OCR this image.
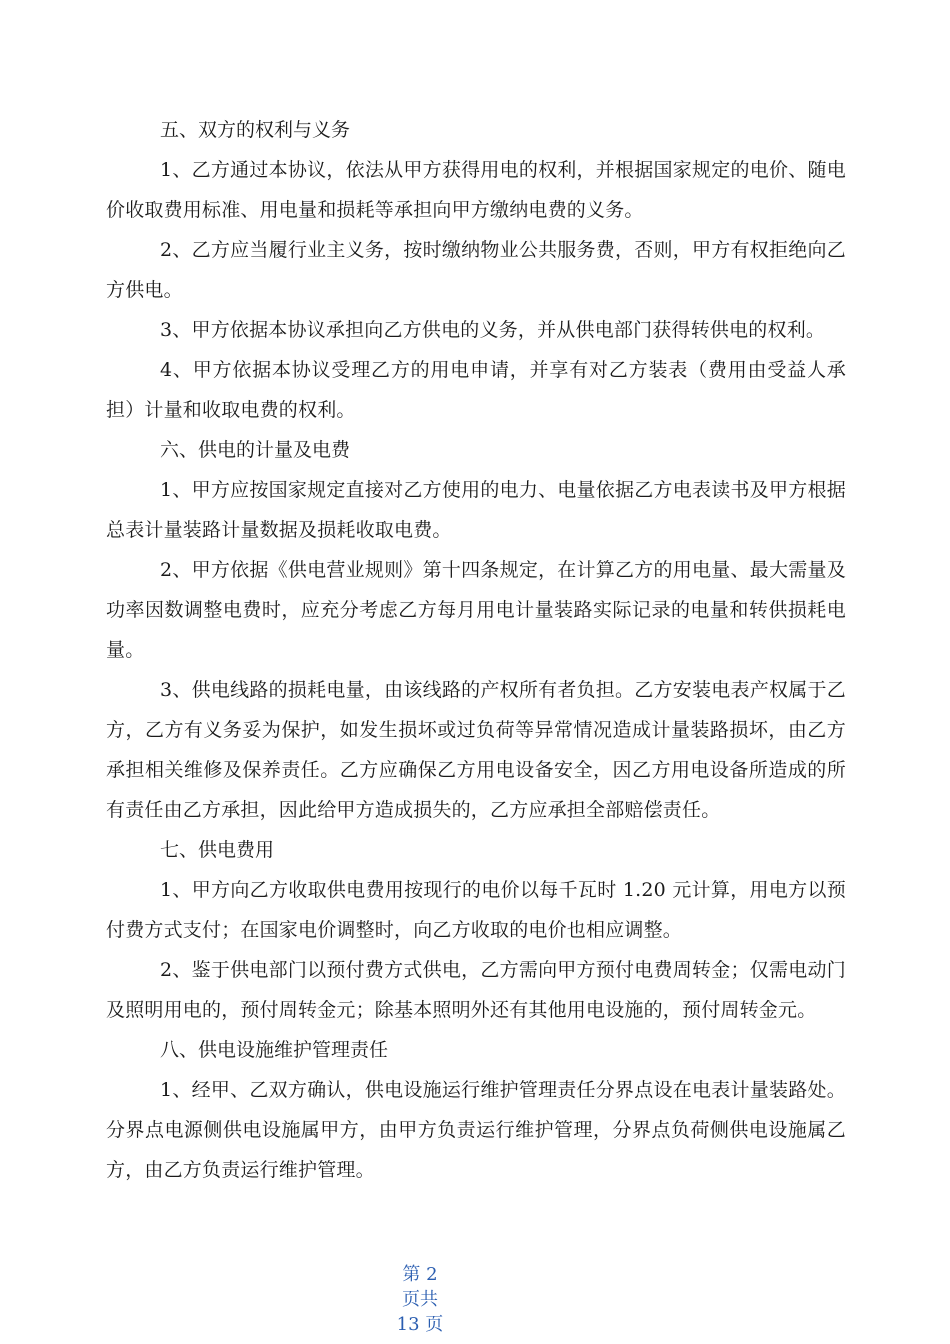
五、双方的权利与义务

1、乙方通过本协议，依法从甲方获得用电的权利，并根据国家规定的电价、随电价收取费用标准、用电量和损耗等承担向甲方缴纳电费的义务。

2、乙方应当履行业主义务，按时缴纳物业公共服务费，否则，甲方有权拒绝向乙方供电。

3、甲方依据本协议承担向乙方供电的义务，并从供电部门获得转供电的权利。

4、甲方依据本协议受理乙方的用电申请，并享有对乙方装表（费用由受益人承担）计量和收取电费的权利。

六、供电的计量及电费

1、甲方应按国家规定直接对乙方使用的电力、电量依据乙方电表读书及甲方根据总表计量装路计量数据及损耗收取电费。

2、甲方依据《供电营业规则》第十四条规定，在计算乙方的用电量、最大需量及功率因数调整电费时，应充分考虑乙方每月用电计量装路实际记录的电量和转供损耗电量。

3、供电线路的损耗电量，由该线路的产权所有者负担。乙方安装电表产权属于乙方，乙方有义务妥为保护，如发生损坏或过负荷等异常情况造成计量装路损坏，由乙方承担相关维修及保养责任。乙方应确保乙方用电设备安全，因乙方用电设备所造成的所有责任由乙方承担，因此给甲方造成损失的，乙方应承担全部赔偿责任。

七、供电费用

1、甲方向乙方收取供电费用按现行的电价以每千瓦时 1.20 元计算，用电方以预付费方式支付；在国家电价调整时，向乙方收取的电价也相应调整。

2、鉴于供电部门以预付费方式供电，乙方需向甲方预付电费周转金；仅需电动门及照明用电的，预付周转金元；除基本照明外还有其他用电设施的，预付周转金元。

八、供电设施维护管理责任

1、经甲、乙双方确认，供电设施运行维护管理责任分界点设在电表计量装路处。分界点电源侧供电设施属甲方，由甲方负责运行维护管理，分界点负荷侧供电设施属乙方，由乙方负责运行维护管理。

第 2
页共
13 页
